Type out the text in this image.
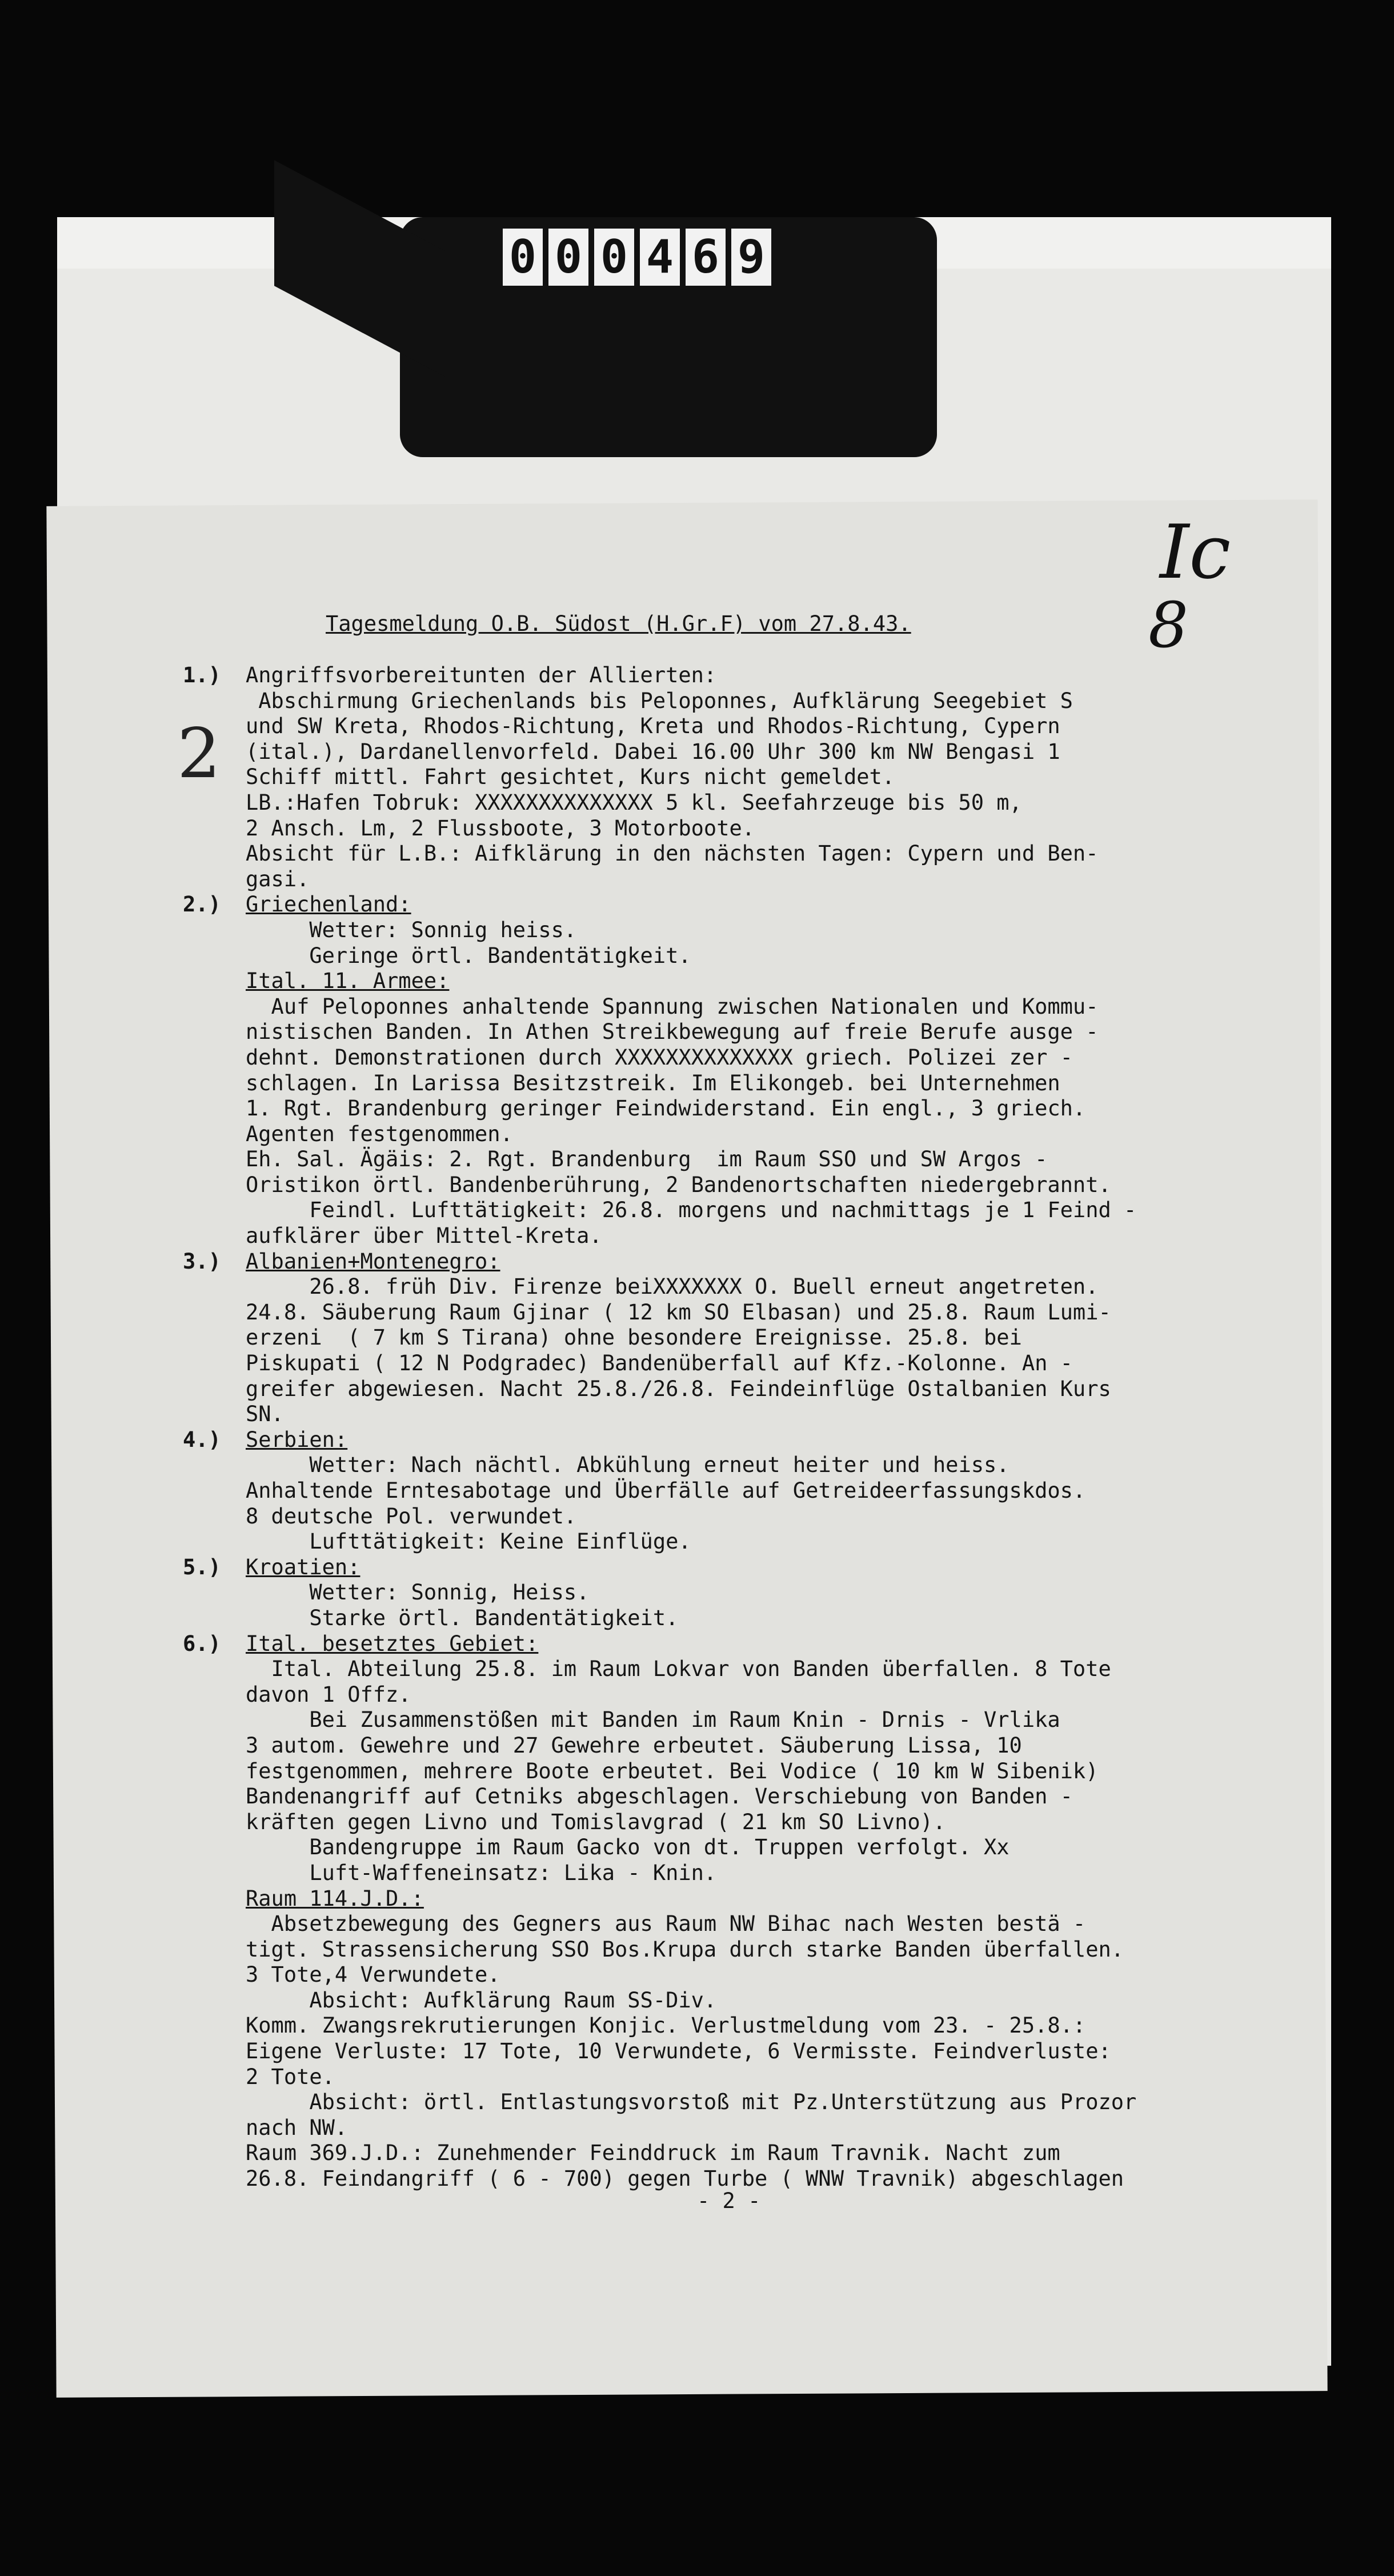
0 0 0 4 6 9
Ic
8
2
Tagesmeldung O.B. Südost (H.Gr.F) vom 27.8.43.
Angriffsvorbereitunten der Allierten:
Abschirmung Griechenlands bis Peloponnes, Aufklärung Seegebiet S
und SW Kreta, Rhodos-Richtung, Kreta und Rhodos-Richtung, Cypern
(ital.), Dardanellenvorfeld. Dabei 16.00 Uhr 300 km NW Bengasi 1
Schiff mittl. Fahrt gesichtet, Kurs nicht gemeldet.
LB.:Hafen Tobruk: XXXXXXXXXXXXXX 5 kl. Seefahrzeuge bis 50 m,
2 Ansch. Lm, 2 Flussboote, 3 Motorboote.
Absicht für L.B.: Aifklärung in den nächsten Tagen: Cypern und Ben-
gasi.
Griechenland:
Wetter: Sonnig heiss.
Geringe örtl. Bandentätigkeit.
Ital. 11. Armee:
Auf Peloponnes anhaltende Spannung zwischen Nationalen und Kommu-
nistischen Banden. In Athen Streikbewegung auf freie Berufe ausge -
dehnt. Demonstrationen durch XXXXXXXXXXXXXX griech. Polizei zer -
schlagen. In Larissa Besitzstreik. Im Elikongeb. bei Unternehmen
1. Rgt. Brandenburg geringer Feindwiderstand. Ein engl., 3 griech.
Agenten festgenommen.
Eh. Sal. Ägäis: 2. Rgt. Brandenburg  im Raum SSO und SW Argos -
Oristikon örtl. Bandenberührung, 2 Bandenortschaften niedergebrannt.
Feindl. Lufttätigkeit: 26.8. morgens und nachmittags je 1 Feind -
aufklärer über Mittel-Kreta.
Albanien+Montenegro:
26.8. früh Div. Firenze beiXXXXXXX O. Buell erneut angetreten.
24.8. Säuberung Raum Gjinar ( 12 km SO Elbasan) und 25.8. Raum Lumi-
erzeni  ( 7 km S Tirana) ohne besondere Ereignisse. 25.8. bei
Piskupati ( 12 N Podgradec) Bandenüberfall auf Kfz.-Kolonne. An -
greifer abgewiesen. Nacht 25.8./26.8. Feindeinflüge Ostalbanien Kurs
SN.
Serbien:
Wetter: Nach nächtl. Abkühlung erneut heiter und heiss.
Anhaltende Erntesabotage und Überfälle auf Getreideerfassungskdos.
8 deutsche Pol. verwundet.
Lufttätigkeit: Keine Einflüge.
Kroatien:
Wetter: Sonnig, Heiss.
Starke örtl. Bandentätigkeit.
Ital. besetztes Gebiet:
Ital. Abteilung 25.8. im Raum Lokvar von Banden überfallen. 8 Tote
davon 1 Offz.
Bei Zusammenstößen mit Banden im Raum Knin - Drnis - Vrlika
3 autom. Gewehre und 27 Gewehre erbeutet. Säuberung Lissa, 10
festgenommen, mehrere Boote erbeutet. Bei Vodice ( 10 km W Sibenik)
Bandenangriff auf Cetniks abgeschlagen. Verschiebung von Banden -
kräften gegen Livno und Tomislavgrad ( 21 km SO Livno).
Bandengruppe im Raum Gacko von dt. Truppen verfolgt. Xx
Luft-Waffeneinsatz: Lika - Knin.
Raum 114.J.D.:
Absetzbewegung des Gegners aus Raum NW Bihac nach Westen bestä -
tigt. Strassensicherung SSO Bos.Krupa durch starke Banden überfallen.
3 Tote,4 Verwundete.
Absicht: Aufklärung Raum SS-Div.
Komm. Zwangsrekrutierungen Konjic. Verlustmeldung vom 23. - 25.8.:
Eigene Verluste: 17 Tote, 10 Verwundete, 6 Vermisste. Feindverluste:
2 Tote.
Absicht: örtl. Entlastungsvorstoß mit Pz.Unterstützung aus Prozor
nach NW.
Raum 369.J.D.: Zunehmender Feinddruck im Raum Travnik. Nacht zum
26.8. Feindangriff ( 6 - 700) gegen Turbe ( WNW Travnik) abgeschlagen
1.)
2.)
3.)
4.)
5.)
6.)
- 2 -
